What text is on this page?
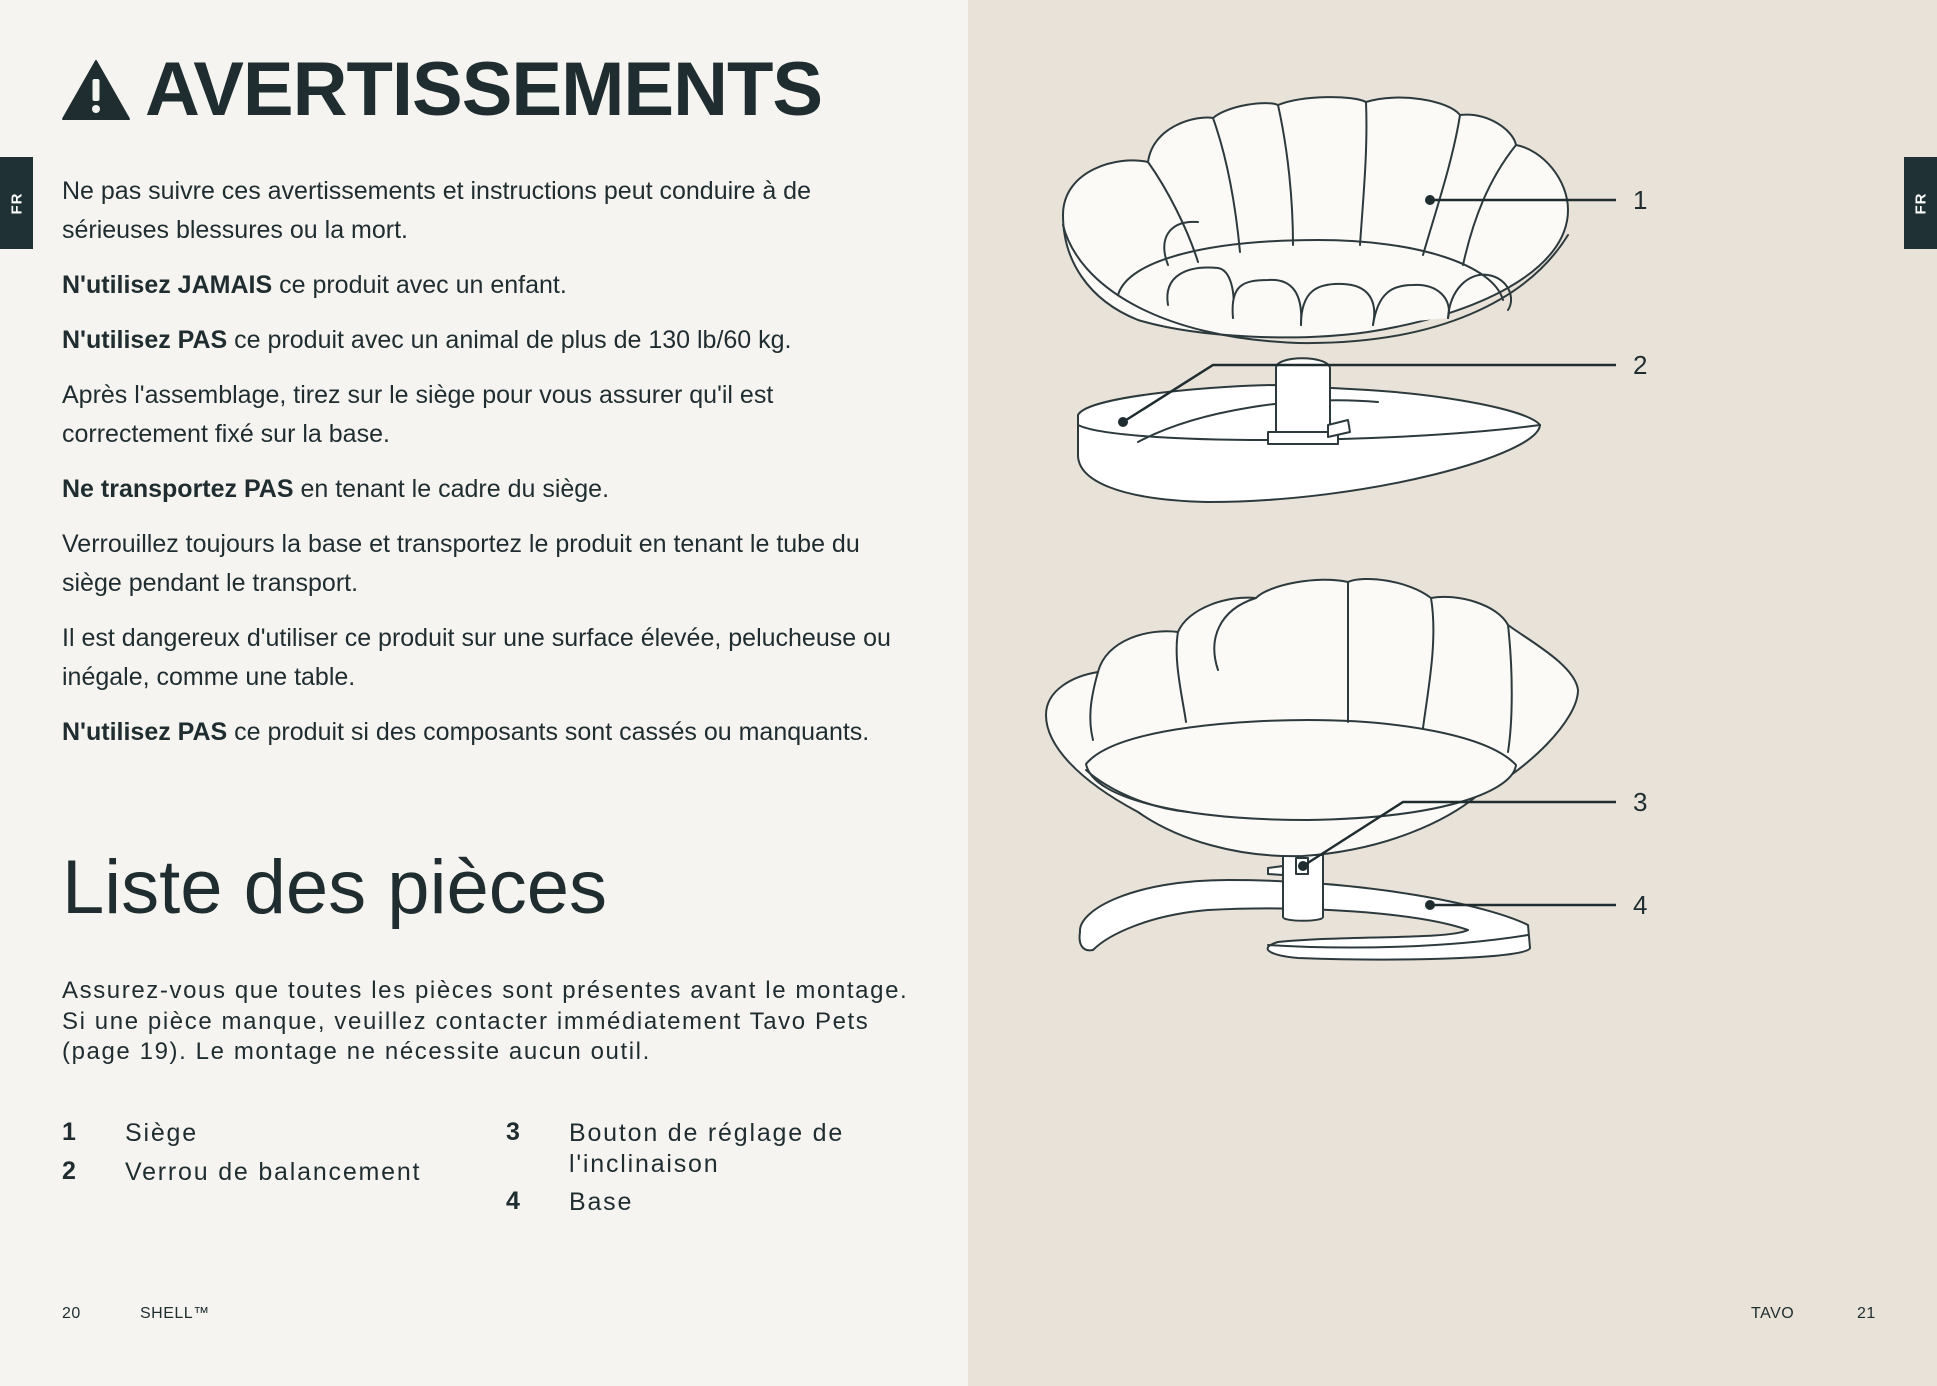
FR	FR
AVERTISSEMENTS

Ne pas suivre ces avertissements et instructions peut conduire à de sérieuses blessures ou la mort.

N'utilisez JAMAIS ce produit avec un enfant.

N'utilisez PAS ce produit avec un animal de plus de 130 lb/60 kg.

Après l'assemblage, tirez sur le siège pour vous assurer qu'il est correctement fixé sur la base.

Ne transportez PAS en tenant le cadre du siège.

Verrouillez toujours la base et transportez le produit en tenant le tube du siège pendant le transport.

Il est dangereux d'utiliser ce produit sur une surface élevée, pelucheuse ou inégale, comme une table.

N'utilisez PAS ce produit si des composants sont cassés ou manquants.

Liste des pièces

Assurez-vous que toutes les pièces sont présentes avant le montage. Si une pièce manque, veuillez contacter immédiatement Tavo Pets (page 19). Le montage ne nécessite aucun outil.

1	Siège
2	Verrou de balancement
3	Bouton de réglage de l'inclinaison
4	Base
1
2
3
4
20	SHELL™	TAVO	21
